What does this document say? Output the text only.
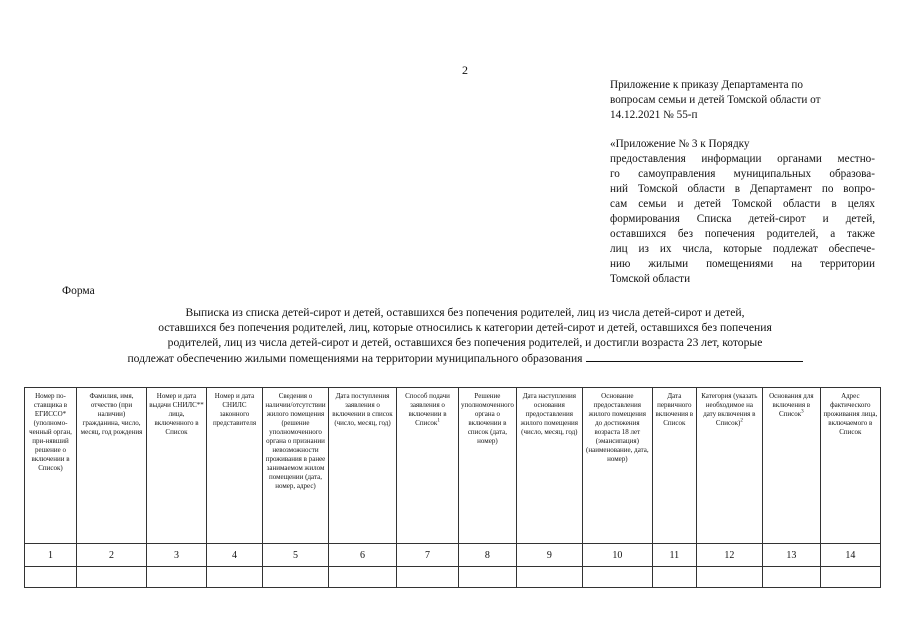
2
Приложение к приказу Департамента по
вопросам семьи и детей Томской области от
14.12.2021 № 55-п
«Приложение № 3 к Порядку
предоставления информации органами местно-
го самоуправления муниципальных образова-
ний Томской области в Департамент по вопро-
сам семьи и детей Томской области в целях
формирования Списка детей-сирот и детей,
оставшихся без попечения родителей, а также
лиц из их числа, которые подлежат обеспече-
нию жилыми помещениями на территории
Томской области
Форма
Выписка из списка детей-сирот и детей, оставшихся без попечения родителей, лиц из числа детей-сирот и детей,
оставшихся без попечения родителей, лиц, которые относились к категории детей-сирот и детей, оставшихся без попечения
родителей, лиц из числа детей-сирот и детей, оставшихся без попечения родителей, и достигли возраста 23 лет, которые
подлежат обеспечению жилыми помещениями на территории муниципального образования
Номер по-ставщика в ЕГИССО* (уполномо-ченный орган, при-нявший решение о включении в Список)	Фамилия, имя, отчество (при наличии) гражданина, число, месяц, год рождения	Номер и дата выдачи СНИЛС** лица, включенного в Список	Номер и дата СНИЛС законного представителя	Сведения о наличии/отсутствии жилого помещения (решение уполномоченного органа о признании невозможности проживания в ранее занимаемом жилом помещении (дата, номер, адрес)	Дата поступления заявления о включении в список (число, месяц, год)	Способ подачи заявления о включении в Список$^1$	Решение уполномоченного органа о включении в список (дата, номер)	Дата наступления основания предоставления жилого помещения (число, месяц, год)	Основание предоставления жилого помещения до достижения возраста 18 лет (эмансипация) (наименование, дата, номер)	Дата первичного включения в Список	Категория (указать необходимое на дату включения в Список)$^2$	Основания для включения в Список$^3$	Адрес фактического проживания лица, включаемого в Список
1	2	3	4	5	6	7	8	9	10	11	12	13	14
